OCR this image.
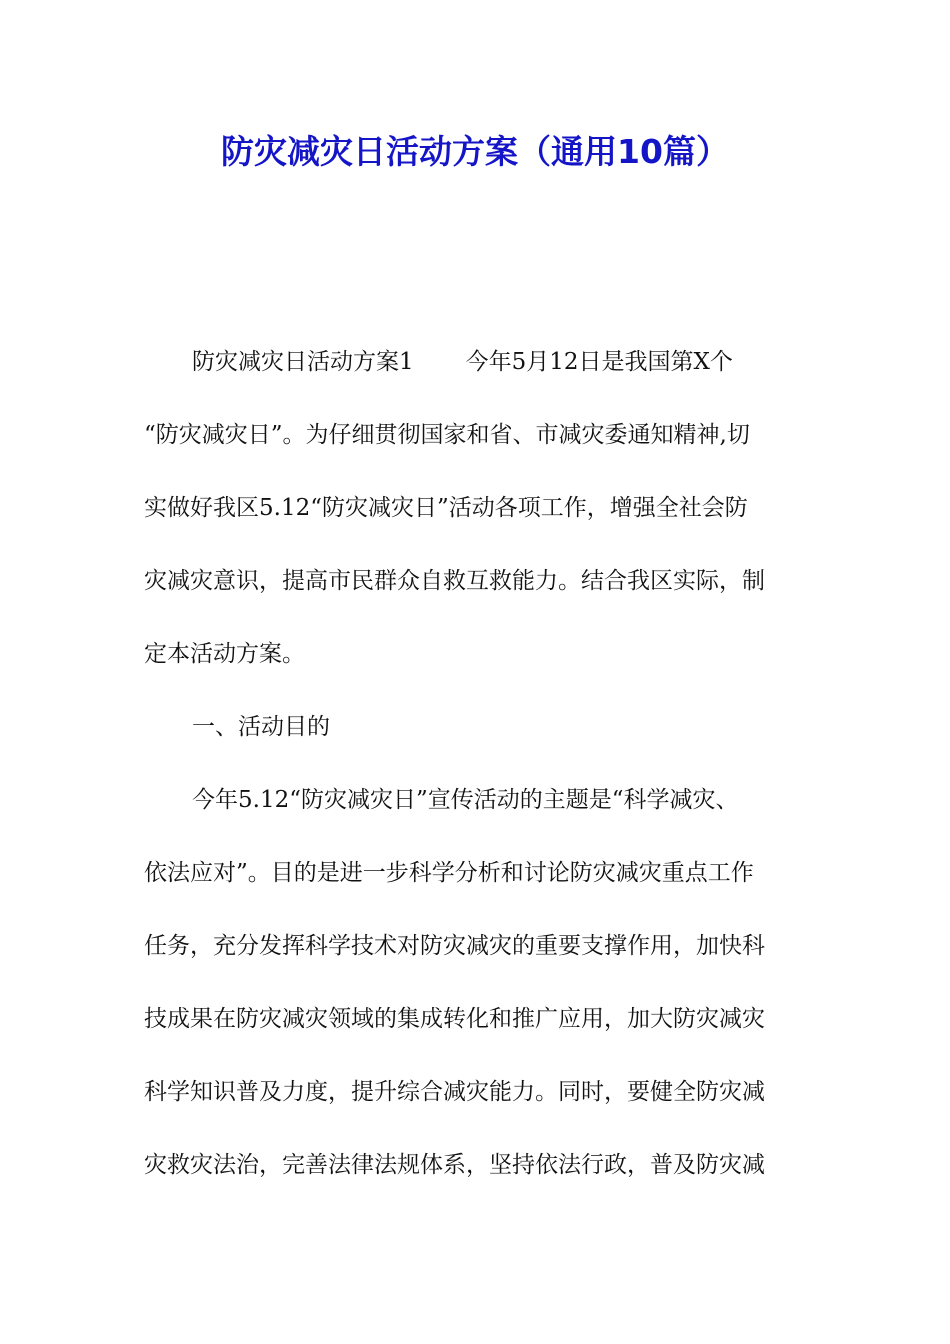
防灾减灾日活动方案（通用10篇）
防灾减灾日活动方案1 今年5月12日是我国第X个
“防灾减灾日”。为仔细贯彻国家和省、市减灾委通知精神,切
实做好我区5.12“防灾减灾日”活动各项工作，增强全社会防
灾减灾意识，提高市民群众自救互救能力。结合我区实际，制
定本活动方案。
一、活动目的
今年5.12“防灾减灾日”宣传活动的主题是“科学减灾、
依法应对”。目的是进一步科学分析和讨论防灾减灾重点工作
任务，充分发挥科学技术对防灾减灾的重要支撑作用，加快科
技成果在防灾减灾领域的集成转化和推广应用，加大防灾减灾
科学知识普及力度，提升综合减灾能力。同时，要健全防灾减
灾救灾法治，完善法律法规体系，坚持依法行政，普及防灾减
